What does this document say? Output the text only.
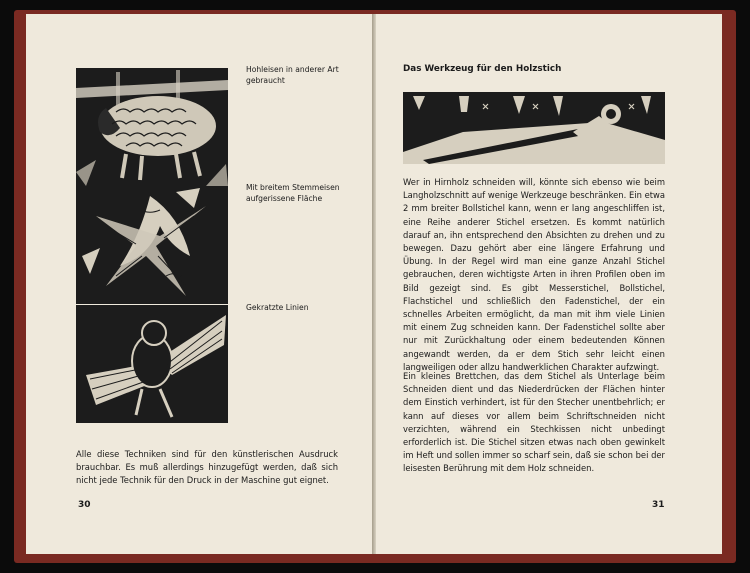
Hohleisen in anderer Art gebraucht
Mit breitem Stemmeisen aufgerissene Fläche
Gekratzte Linien
Alle diese Techniken sind für den künstlerischen Ausdruck brauchbar. Es muß allerdings hinzugefügt werden, daß sich nicht jede Technik für den Druck in der Maschine gut eignet.
30
Das Werkzeug für den Holzstich
Wer in Hirnholz schneiden will, könnte sich ebenso wie beim Langholzschnitt auf wenige Werkzeuge beschränken. Ein etwa 2 mm breiter Bollstichel kann, wenn er lang angeschliffen ist, eine Reihe anderer Stichel ersetzen. Es kommt natürlich darauf an, ihn entsprechend den Absichten zu drehen und zu bewegen. Dazu gehört aber eine längere Erfahrung und Übung. In der Regel wird man eine ganze Anzahl Stichel gebrauchen, deren wichtigste Arten in ihren Profilen oben im Bild gezeigt sind. Es gibt Messerstichel, Bollstichel, Flachstichel und schließlich den Fadenstichel, der ein schnelles Arbeiten ermöglicht, da man mit ihm viele Linien mit einem Zug schneiden kann. Der Fadenstichel sollte aber nur mit Zurückhaltung oder einem bedeutenden Können angewandt werden, da er dem Stich sehr leicht einen langweiligen oder allzu handwerklichen Charakter aufzwingt.
Ein kleines Brettchen, das dem Stichel als Unterlage beim Schneiden dient und das Niederdrücken der Flächen hinter dem Einstich verhindert, ist für den Stecher unentbehrlich; er kann auf dieses vor allem beim Schriftschneiden nicht verzichten, während ein Stechkissen nicht unbedingt erforderlich ist. Die Stichel sitzen etwas nach oben gewinkelt im Heft und sollen immer so scharf sein, daß sie schon bei der leisesten Berührung mit dem Holz schneiden.
31
